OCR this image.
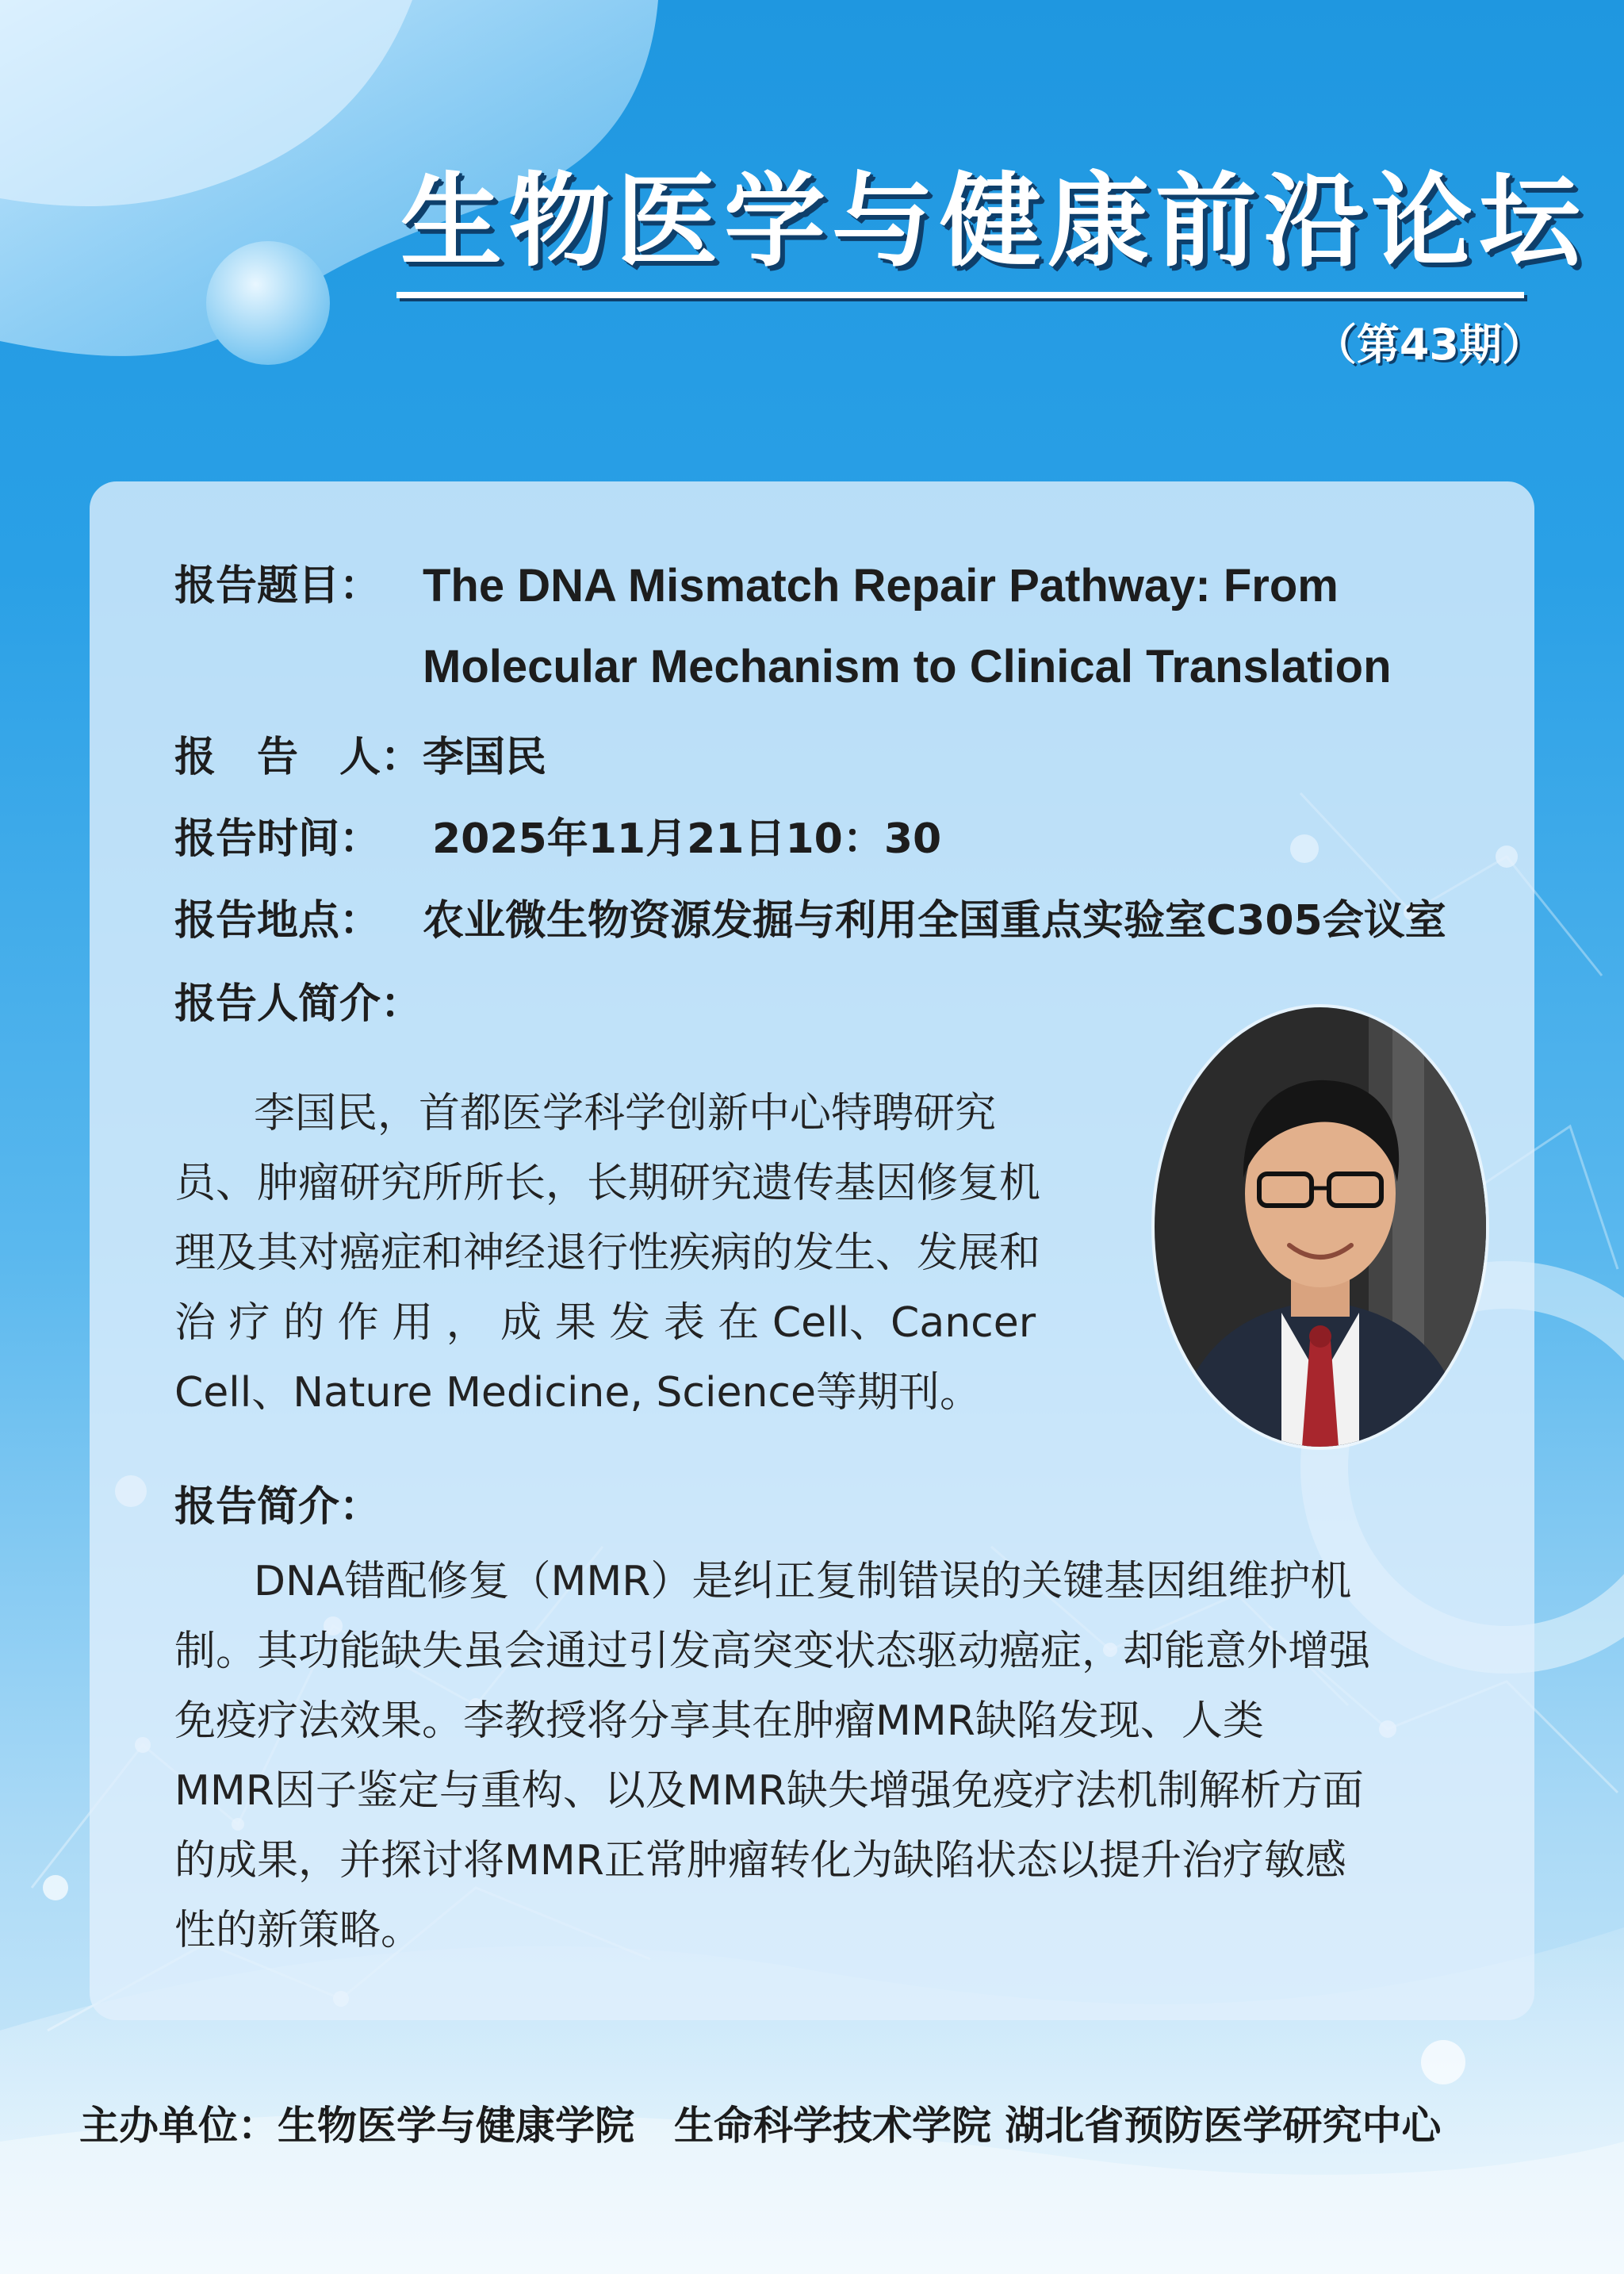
生物医学与健康前沿论坛
（第43期）
报告题目： The DNA Mismatch Repair Pathway: From
Molecular Mechanism to Clinical Translation
报　告　人： 李国民
报告时间： 2025年11月21日10：30
报告地点： 农业微生物资源发掘与利用全国重点实验室C305会议室
报告人简介：
李国民，首都医学科学创新中心特聘研究
员、肿瘤研究所所长，长期研究遗传基因修复机
理及其对癌症和神经退行性疾病的发生、发展和
治 疗 的 作 用 ， 成 果 发 表 在 Cell、Cancer
Cell、Nature Medicine, Science等期刊。
报告简介：
DNA错配修复（MMR）是纠正复制错误的关键基因组维护机
制。其功能缺失虽会通过引发高突变状态驱动癌症，却能意外增强
免疫疗法效果。李教授将分享其在肿瘤MMR缺陷发现、人类
MMR因子鉴定与重构、以及MMR缺失增强免疫疗法机制解析方面
的成果，并探讨将MMR正常肿瘤转化为缺陷状态以提升治疗敏感
性的新策略。
主办单位：生物医学与健康学院　生命科学技术学院 湖北省预防医学研究中心
